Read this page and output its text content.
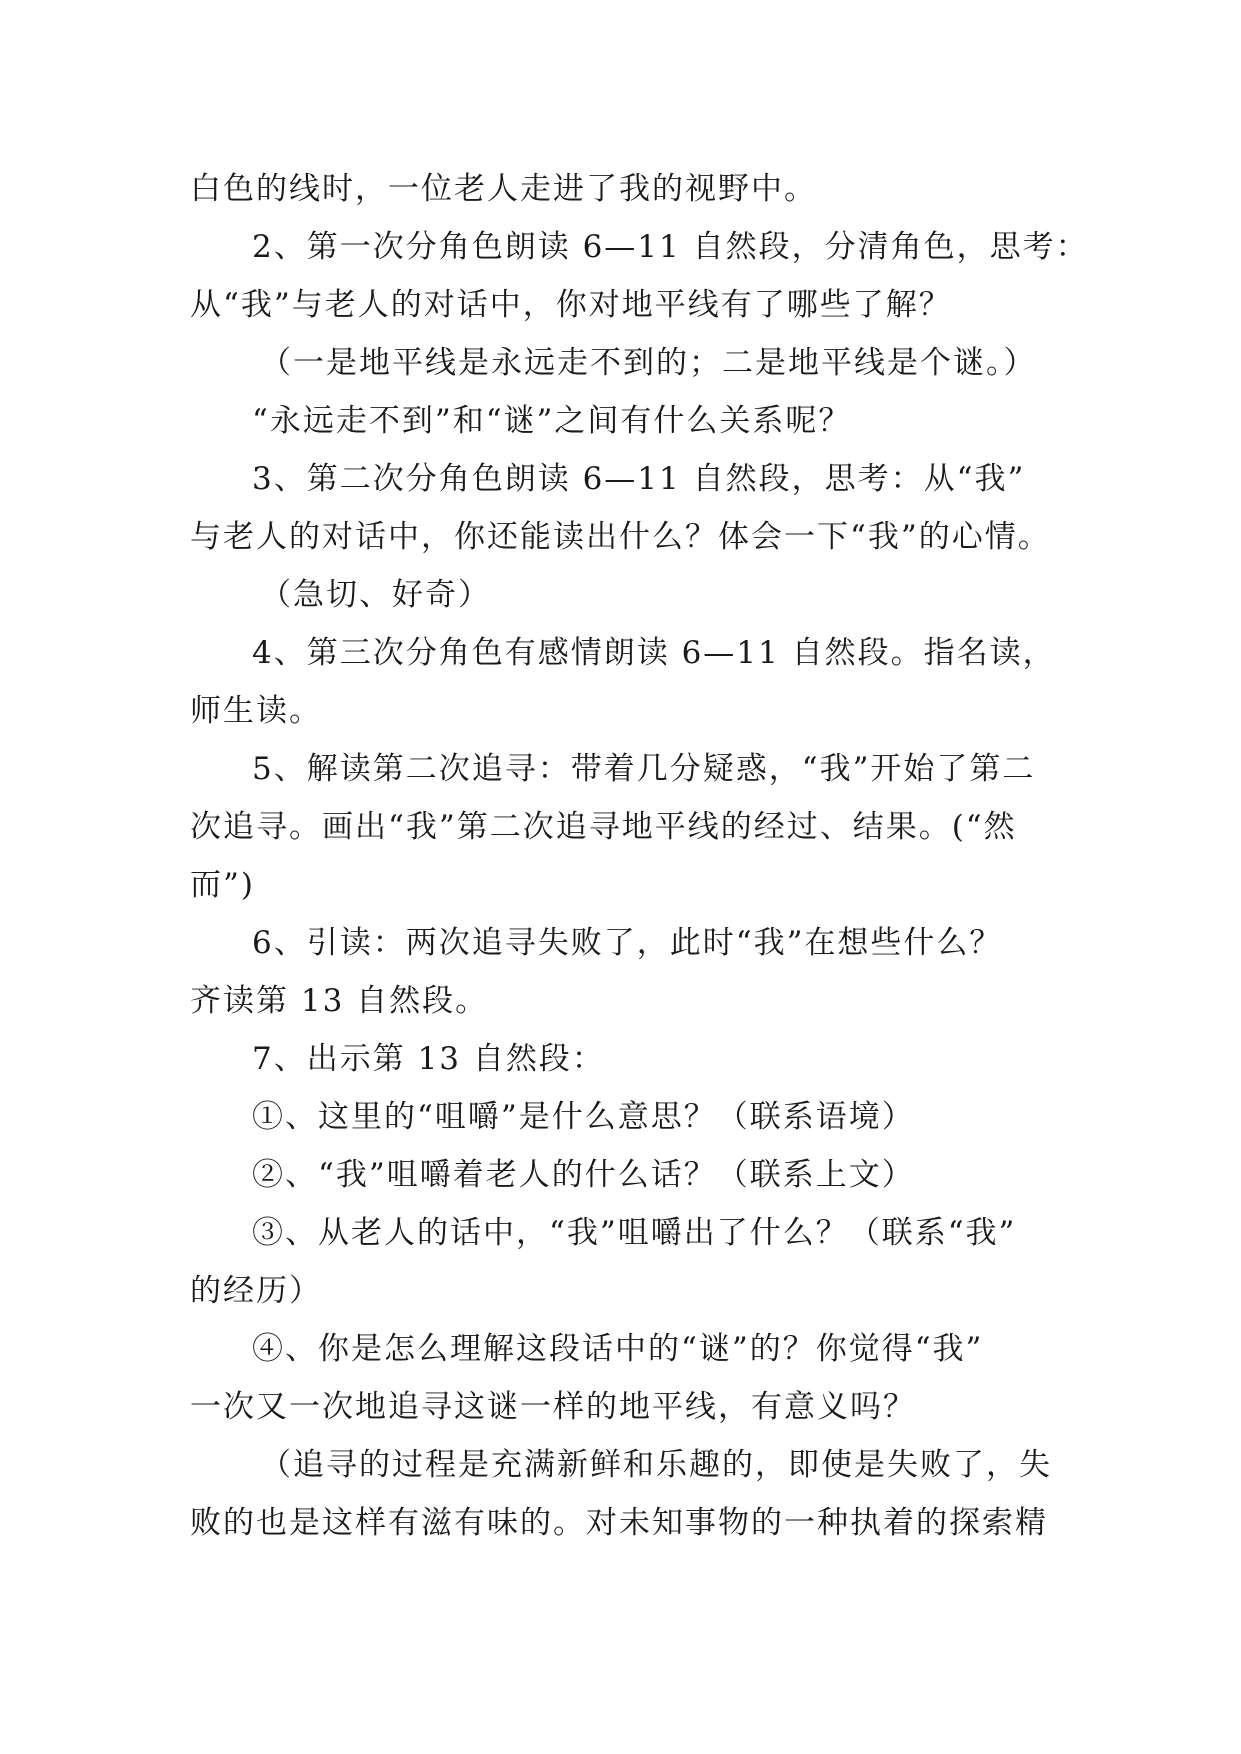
白色的线时，一位老人走进了我的视野中。
2、第一次分角色朗读 6—11 自然段，分清角色，思考：
从“我”与老人的对话中，你对地平线有了哪些了解？
（一是地平线是永远走不到的；二是地平线是个谜。）
“永远走不到”和“谜”之间有什么关系呢？
3、第二次分角色朗读 6—11 自然段，思考：从“我”
与老人的对话中，你还能读出什么？体会一下“我”的心情。
（急切、好奇）
4、第三次分角色有感情朗读 6—11 自然段。指名读，
师生读。
5、解读第二次追寻：带着几分疑惑，“我”开始了第二
次追寻。画出“我”第二次追寻地平线的经过、结果。(“然
而”)
6、引读：两次追寻失败了，此时“我”在想些什么？
齐读第 13 自然段。
7、出示第 13 自然段：
①、这里的“咀嚼”是什么意思？（联系语境）
②、“我”咀嚼着老人的什么话？（联系上文）
③、从老人的话中，“我”咀嚼出了什么？（联系“我”
的经历）
④、你是怎么理解这段话中的“谜”的？你觉得“我”
一次又一次地追寻这谜一样的地平线，有意义吗？
（追寻的过程是充满新鲜和乐趣的，即使是失败了，失
败的也是这样有滋有味的。对未知事物的一种执着的探索精
